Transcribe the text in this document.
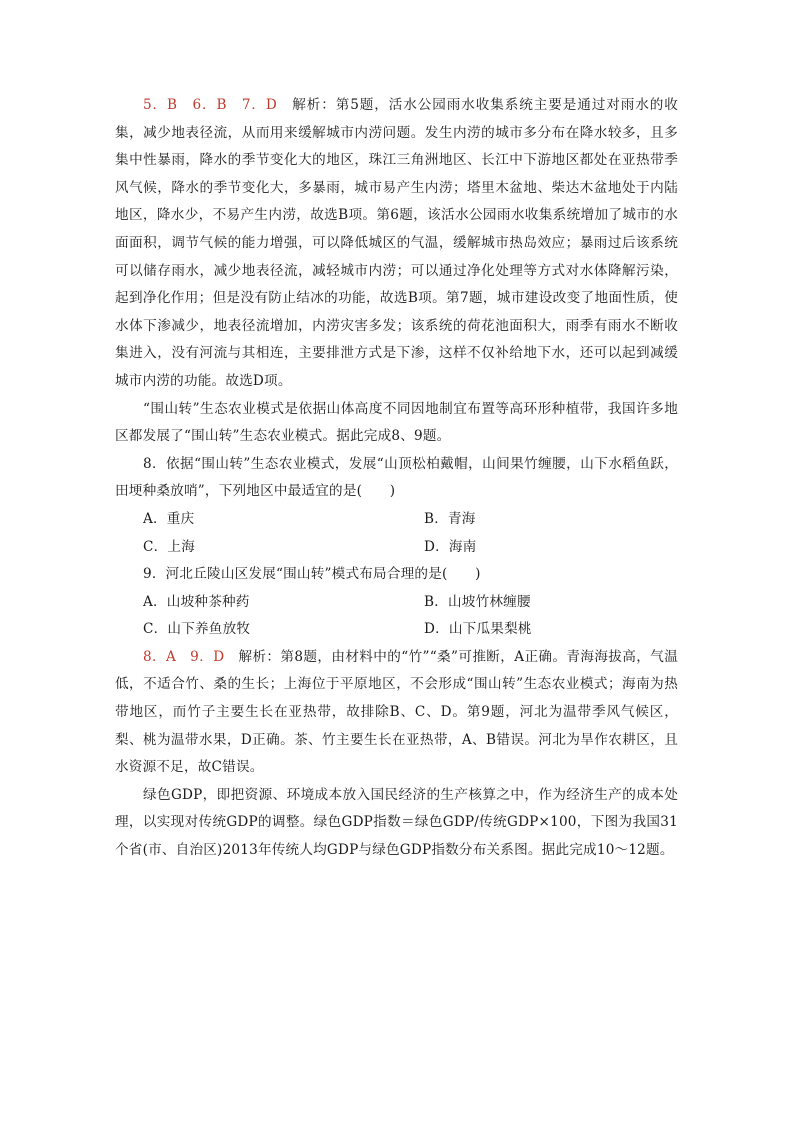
5．B　6．B　7．D　 解析：第5题，活水公园雨水收集系统主要是通过对雨水的收集，减少地表径流，从而用来缓解城市内涝问题。发生内涝的城市多分布在降水较多，且多集中性暴雨，降水的季节变化大的地区，珠江三角洲地区、长江中下游地区都处在亚热带季风气候，降水的季节变化大，多暴雨，城市易产生内涝；塔里木盆地、柴达木盆地处于内陆地区，降水少，不易产生内涝，故选B项。第6题，该活水公园雨水收集系统增加了城市的水面面积，调节气候的能力增强，可以降低城区的气温，缓解城市热岛效应；暴雨过后该系统可以储存雨水，减少地表径流，减轻城市内涝；可以通过净化处理等方式对水体降解污染，起到净化作用；但是没有防止结冰的功能，故选B项。第7题，城市建设改变了地面性质，使水体下渗减少，地表径流增加，内涝灾害多发；该系统的荷花池面积大，雨季有雨水不断收集进入，没有河流与其相连，主要排泄方式是下渗，这样不仅补给地下水，还可以起到减缓城市内涝的功能。故选D项。

“围山转”生态农业模式是依据山体高度不同因地制宜布置等高环形种植带，我国许多地区都发展了“围山转”生态农业模式。据此完成8、9题。

8．依据“围山转”生态农业模式，发展“山顶松柏戴帽，山间果竹缠腰，山下水稻鱼跃，田埂种桑放哨”，下列地区中最适宜的是(　　)

A．重庆	B．青海
C．上海	D．海南

9．河北丘陵山区发展“围山转”模式布局合理的是(　　)

A．山坡种茶种药	B．山坡竹林缠腰
C．山下养鱼放牧	D．山下瓜果梨桃

8．A　9．D　 解析：第8题，由材料中的“竹”“桑”可推断，A正确。青海海拔高，气温低，不适合竹、桑的生长；上海位于平原地区，不会形成“围山转”生态农业模式；海南为热带地区，而竹子主要生长在亚热带，故排除B、C、D。第9题，河北为温带季风气候区，梨、桃为温带水果，D正确。茶、竹主要生长在亚热带，A、B错误。河北为旱作农耕区，且水资源不足，故C错误。

绿色GDP，即把资源、环境成本放入国民经济的生产核算之中，作为经济生产的成本处理，以实现对传统GDP的调整。绿色GDP指数＝绿色GDP/传统GDP×100，下图为我国31个省(市、自治区)2013年传统人均GDP与绿色GDP指数分布关系图。据此完成10～12题。
